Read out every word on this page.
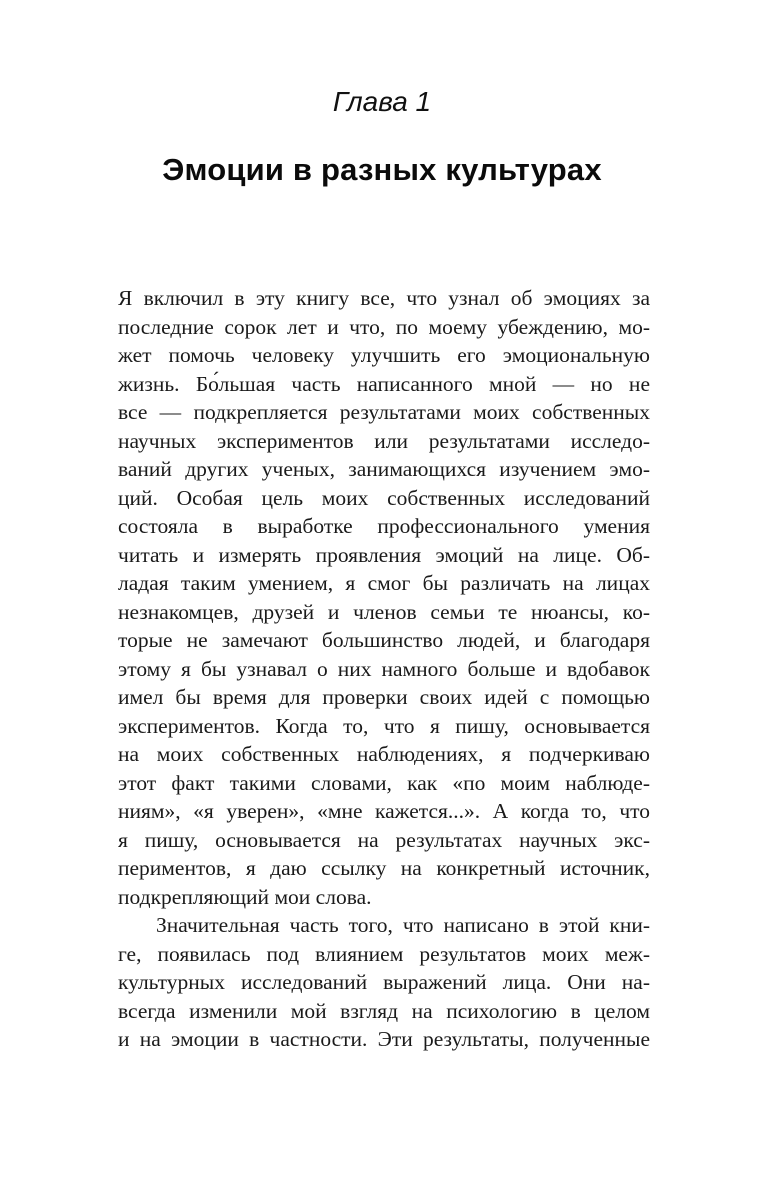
Глава 1
Эмоции в разных культурах
Я включил в эту книгу все, что узнал об эмоциях за
последние сорок лет и что, по моему убеждению, мо-
жет помочь человеку улучшить его эмоциональную
жизнь. Бо́льшая часть написанного мной — но не
все — подкрепляется результатами моих собственных
научных экспериментов или результатами исследо-
ваний других ученых, занимающихся изучением эмо-
ций. Особая цель моих собственных исследований
состояла в выработке профессионального умения
читать и измерять проявления эмоций на лице. Об-
ладая таким умением, я смог бы различать на лицах
незнакомцев, друзей и членов семьи те нюансы, ко-
торые не замечают большинство людей, и благодаря
этому я бы узнавал о них намного больше и вдобавок
имел бы время для проверки своих идей с помощью
экспериментов. Когда то, что я пишу, основывается
на моих собственных наблюдениях, я подчеркиваю
этот факт такими словами, как «по моим наблюде-
ниям», «я уверен», «мне кажется...». А когда то, что
я пишу, основывается на результатах научных экс-
периментов, я даю ссылку на конкретный источник,
подкрепляющий мои слова.
Значительная часть того, что написано в этой кни-
ге, появилась под влиянием результатов моих меж-
культурных исследований выражений лица. Они на-
всегда изменили мой взгляд на психологию в целом
и на эмоции в частности. Эти результаты, полученные
